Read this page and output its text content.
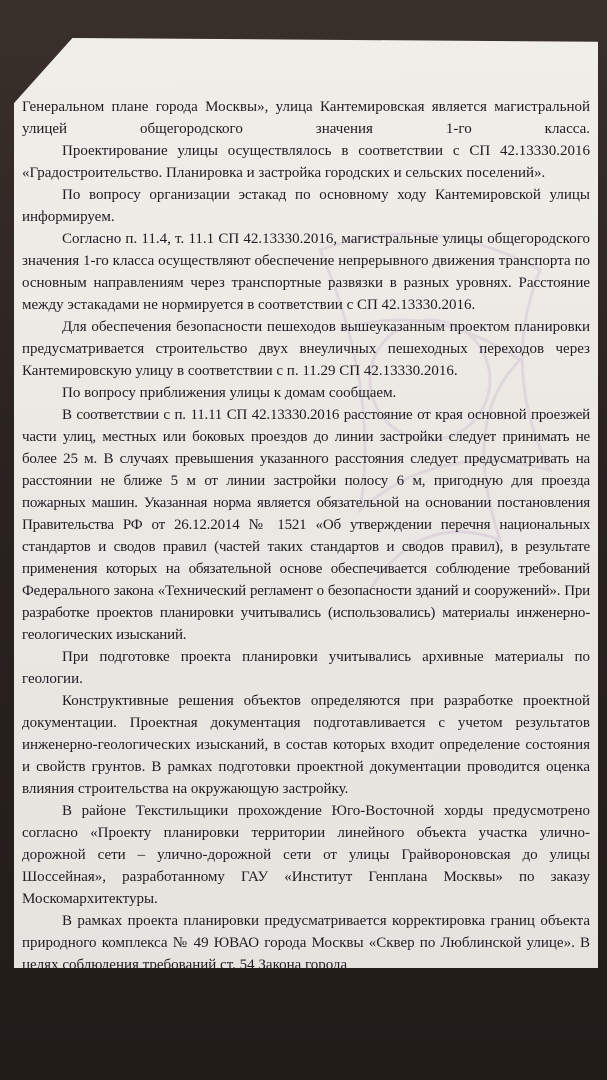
Генеральном плане города Москвы», улица Кантемировская является магистральной улицей общегородского значения 1-го класса.

Проектирование улицы осуществлялось в соответствии с СП 42.13330.2016 «Градостроительство. Планировка и застройка городских и сельских поселений».

По вопросу организации эстакад по основному ходу Кантемировской улицы информируем.

Согласно п. 11.4, т. 11.1 СП 42.13330.2016, магистральные улицы общегородского значения 1-го класса осуществляют обеспечение непрерывного движения транспорта по основным направлениям через транспортные развязки в разных уровнях. Расстояние между эстакадами не нормируется в соответствии с СП 42.13330.2016.

Для обеспечения безопасности пешеходов вышеуказанным проектом планировки предусматривается строительство двух внеуличных пешеходных переходов через Кантемировскую улицу в соответствии с п. 11.29 СП 42.13330.2016.

По вопросу приближения улицы к домам сообщаем.

В соответствии с п. 11.11 СП 42.13330.2016 расстояние от края основной проезжей части улиц, местных или боковых проездов до линии застройки следует принимать не более 25 м. В случаях превышения указанного расстояния следует предусматривать на расстоянии не ближе 5 м от линии застройки полосу 6 м, пригодную для проезда пожарных машин. Указанная норма является обязательной на основании постановления Правительства РФ от 26.12.2014 № 1521 «Об утверждении перечня национальных стандартов и сводов правил (частей таких стандартов и сводов правил), в результате применения которых на обязательной основе обеспечивается соблюдение требований Федерального закона «Технический регламент о безопасности зданий и сооружений». При разработке проектов планировки учитывались (использовались) материалы инженерно-геологических изысканий.

При подготовке проекта планировки учитывались архивные материалы по геологии.

Конструктивные решения объектов определяются при разработке проектной документации. Проектная документация подготавливается с учетом результатов инженерно-геологических изысканий, в состав которых входит определение состояния и свойств грунтов. В рамках подготовки проектной документации проводится оценка влияния строительства на окружающую застройку.

В районе Текстильщики прохождение Юго-Восточной хорды предусмотрено согласно «Проекту планировки территории линейного объекта участка улично-дорожной сети – улично-дорожной сети от улицы Грайвороновская до улицы Шоссейная», разработанному ГАУ «Институт Генплана Москвы» по заказу Москомархитектуры.

В рамках проекта планировки предусматривается корректировка границ объекта природного комплекса № 49 ЮВАО города Москвы «Сквер по Люблинской улице». В целях соблюдения требований ст. 54 Закона города
